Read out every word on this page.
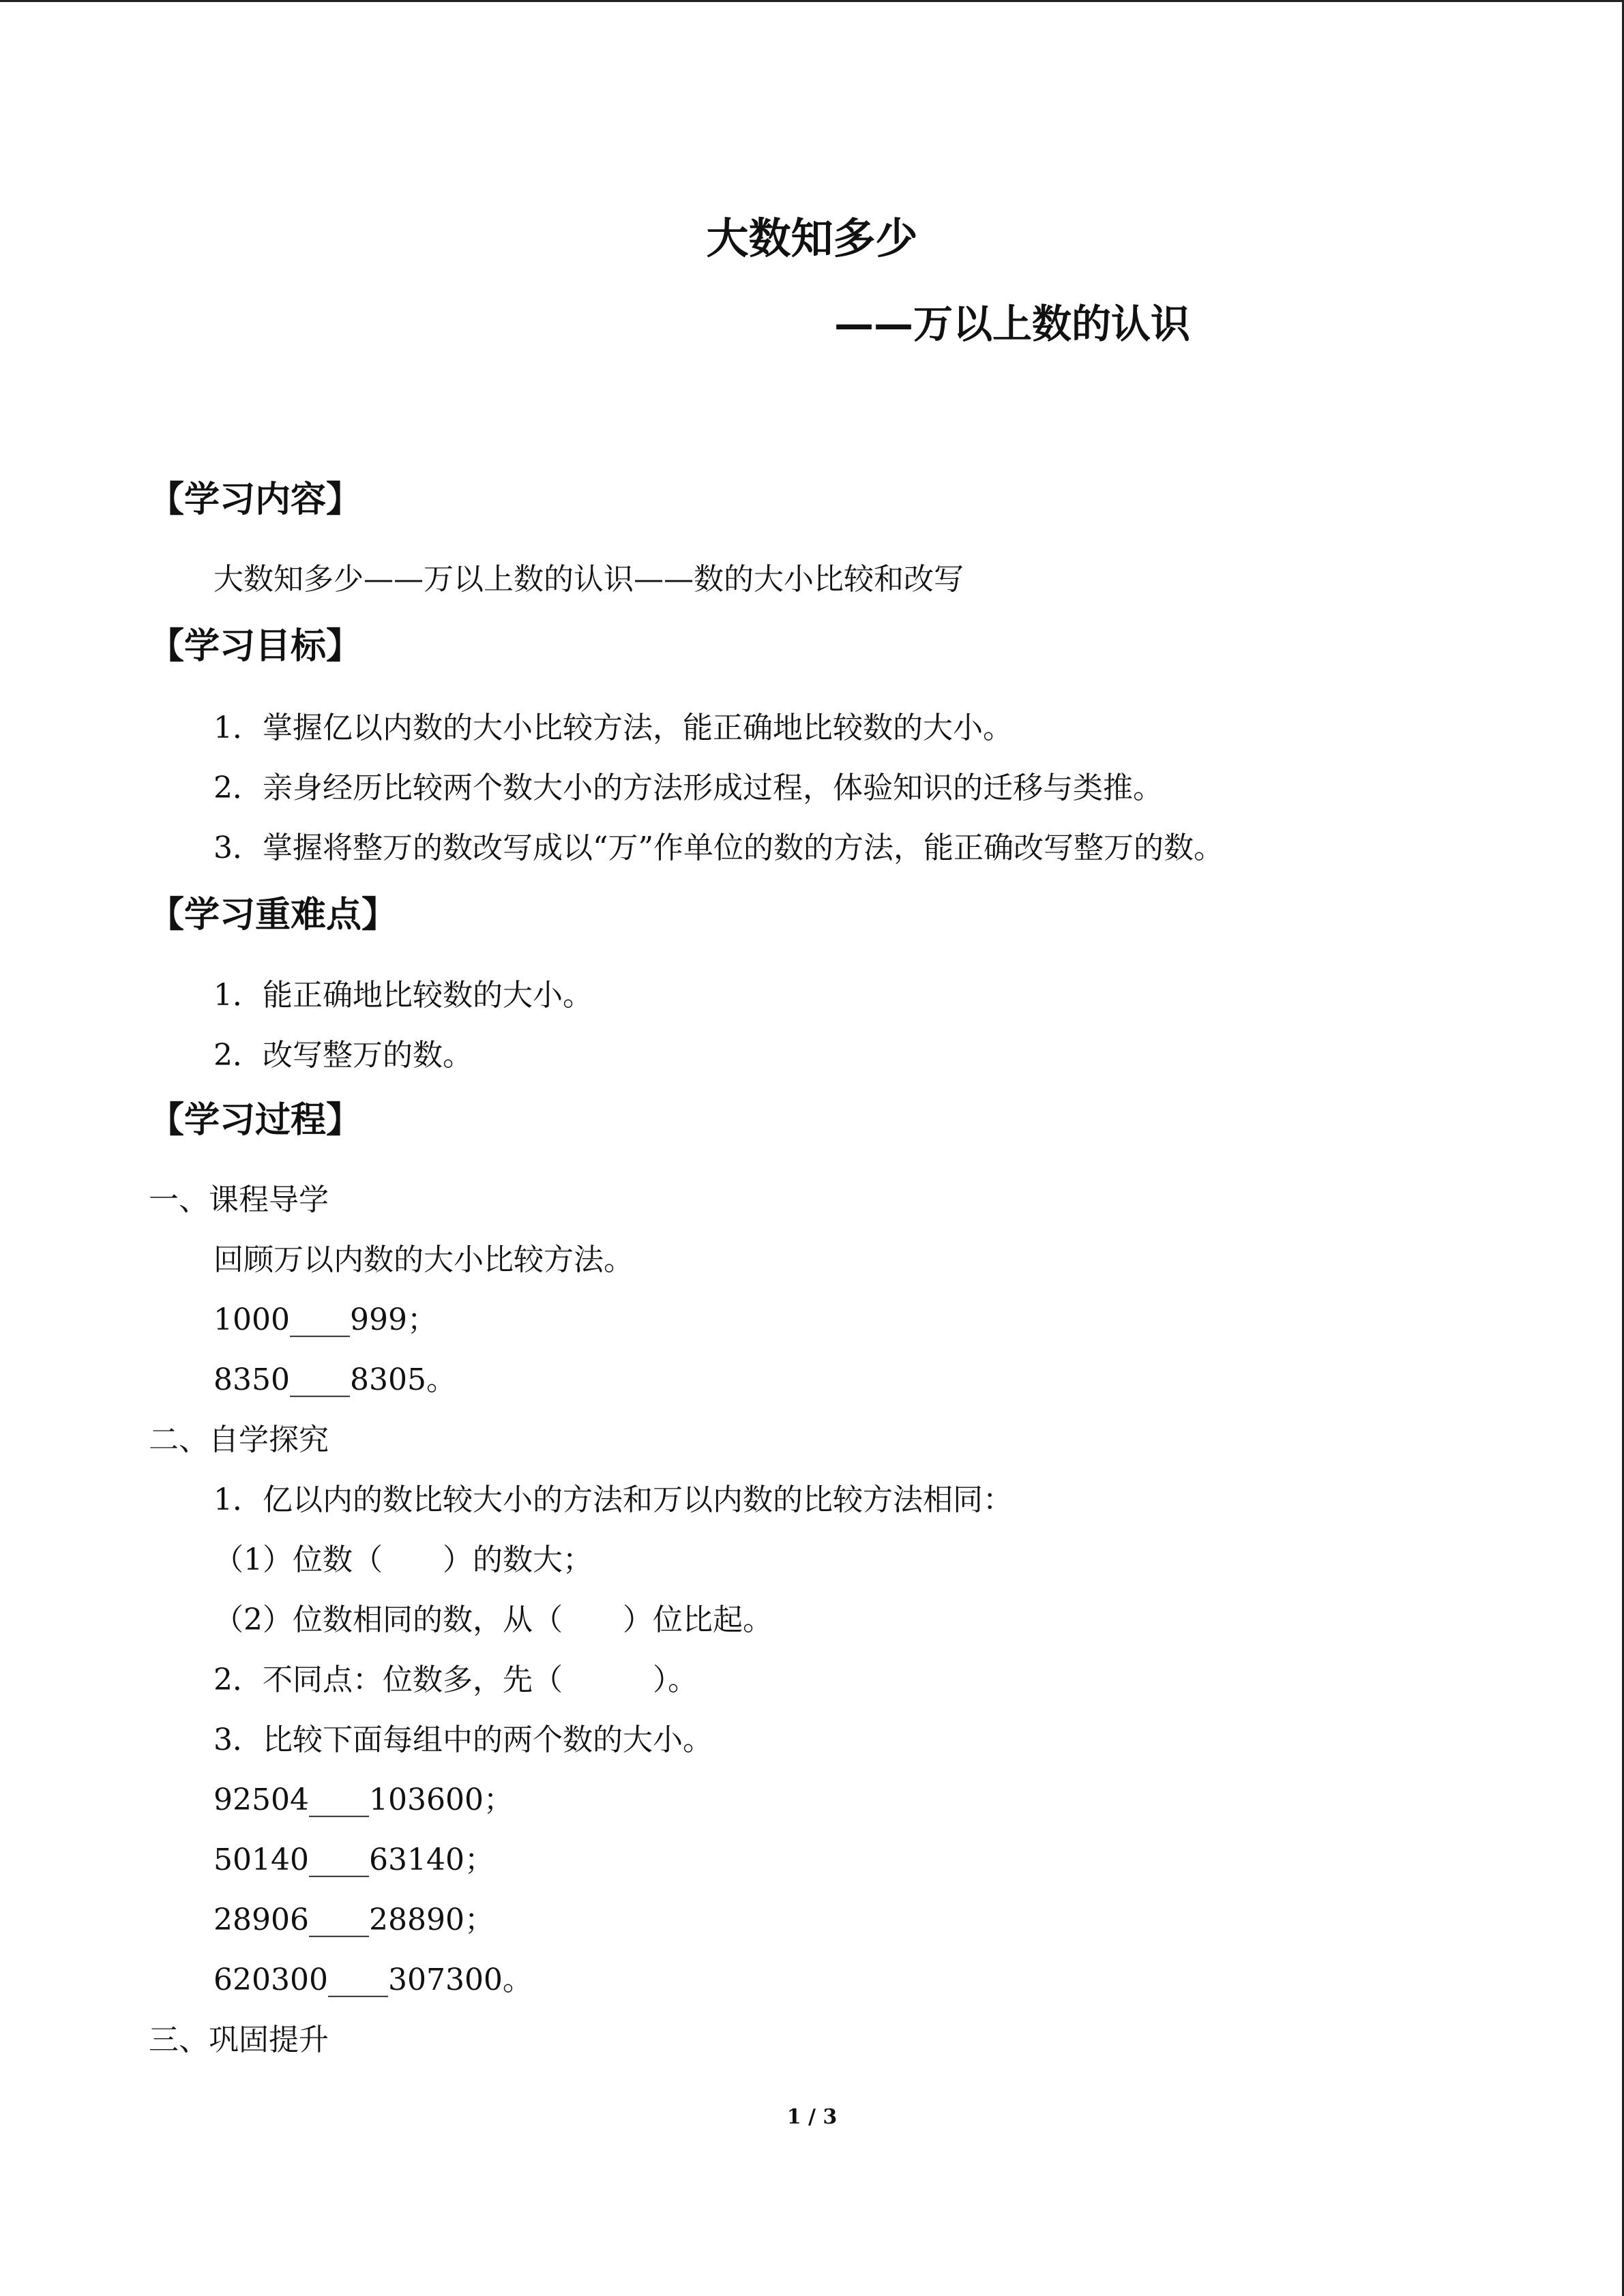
大数知多少
——万以上数的认识
【学习内容】
大数知多少——万以上数的认识——数的大小比较和改写
【学习目标】
1．掌握亿以内数的大小比较方法，能正确地比较数的大小。
2．亲身经历比较两个数大小的方法形成过程，体验知识的迁移与类推。
3．掌握将整万的数改写成以“万”作单位的数的方法，能正确改写整万的数。
【学习重难点】
1．能正确地比较数的大小。
2．改写整万的数。
【学习过程】
一、课程导学
回顾万以内数的大小比较方法。
1000____999；
8350____8305。
二、自学探究
1．亿以内的数比较大小的方法和万以内数的比较方法相同：
（1）位数（　　）的数大；
（2）位数相同的数，从（　　）位比起。
2．不同点：位数多，先（　　　）。
3．比较下面每组中的两个数的大小。
92504____103600；
50140____63140；
28906____28890；
620300____307300。
三、巩固提升
1 / 3
